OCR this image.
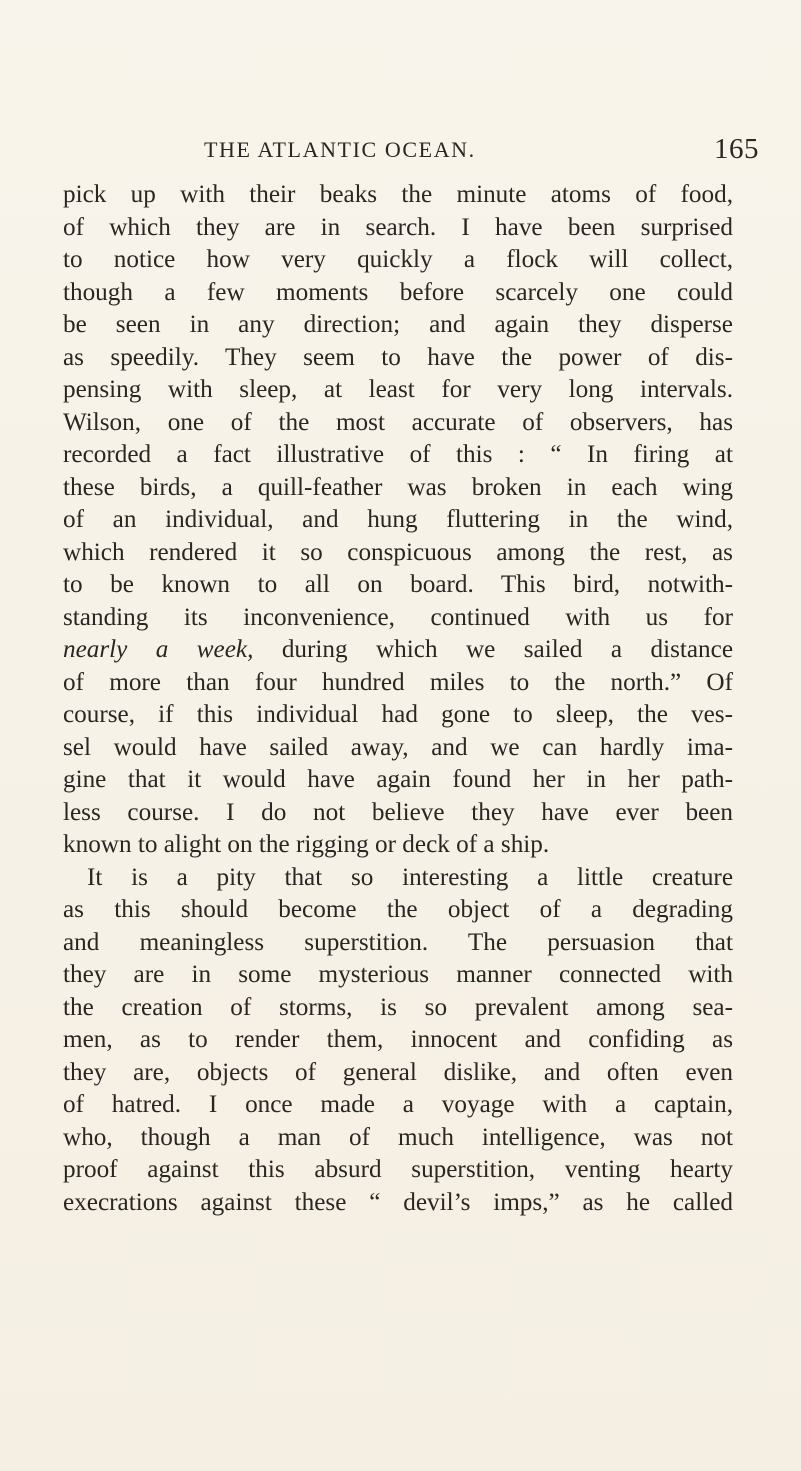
THE ATLANTIC OCEAN.	165
pick up with their beaks the minute atoms of food,
of which they are in search. I have been surprised
to notice how very quickly a flock will collect,
though a few moments before scarcely one could
be seen in any direction; and again they disperse
as speedily. They seem to have the power of dis-
pensing with sleep, at least for very long intervals.
Wilson, one of the most accurate of observers, has
recorded a fact illustrative of this : “ In firing at
these birds, a quill-feather was broken in each wing
of an individual, and hung fluttering in the wind,
which rendered it so conspicuous among the rest, as
to be known to all on board. This bird, notwith-
standing its inconvenience, continued with us for
nearly a week, during which we sailed a distance
of more than four hundred miles to the north.” Of
course, if this individual had gone to sleep, the ves-
sel would have sailed away, and we can hardly ima-
gine that it would have again found her in her path-
less course. I do not believe they have ever been
known to alight on the rigging or deck of a ship.
It is a pity that so interesting a little creature
as this should become the object of a degrading
and meaningless superstition. The persuasion that
they are in some mysterious manner connected with
the creation of storms, is so prevalent among sea-
men, as to render them, innocent and confiding as
they are, objects of general dislike, and often even
of hatred. I once made a voyage with a captain,
who, though a man of much intelligence, was not
proof against this absurd superstition, venting hearty
execrations against these “ devil’s imps,” as he called
